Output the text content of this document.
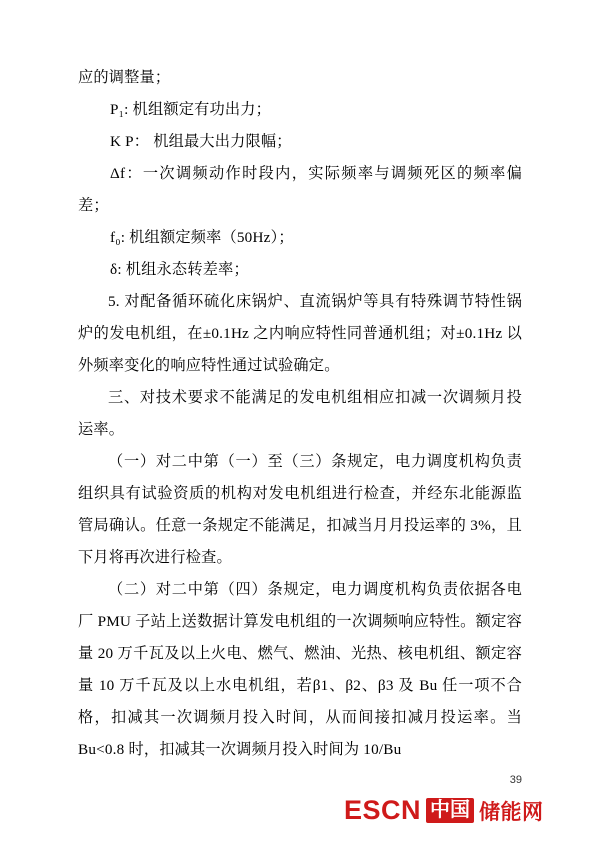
应的调整量；

P₁: 机组额定有功出力；

K P： 机组最大出力限幅；

Δf：一次调频动作时段内，实际频率与调频死区的频率偏差；

f₀: 机组额定频率（50Hz）；

δ: 机组永态转差率；

5. 对配备循环硫化床锅炉、直流锅炉等具有特殊调节特性锅炉的发电机组，在±0.1Hz 之内响应特性同普通机组；对±0.1Hz 以外频率变化的响应特性通过试验确定。

三、对技术要求不能满足的发电机组相应扣减一次调频月投运率。

（一）对二中第（一）至（三）条规定，电力调度机构负责组织具有试验资质的机构对发电机组进行检查，并经东北能源监管局确认。任意一条规定不能满足，扣减当月月投运率的 3%，且下月将再次进行检查。

（二）对二中第（四）条规定，电力调度机构负责依据各电厂 PMU 子站上送数据计算发电机组的一次调频响应特性。额定容量 20 万千瓦及以上火电、燃气、燃油、光热、核电机组、额定容量 10 万千瓦及以上水电机组，若β1、β2、β3 及 Bu 任一项不合格，扣减其一次调频月投入时间，从而间接扣减月投运率。当 Bu<0.8 时，扣减其一次调频月投入时间为 10/Bu

39
ESCN 中国 储能网
